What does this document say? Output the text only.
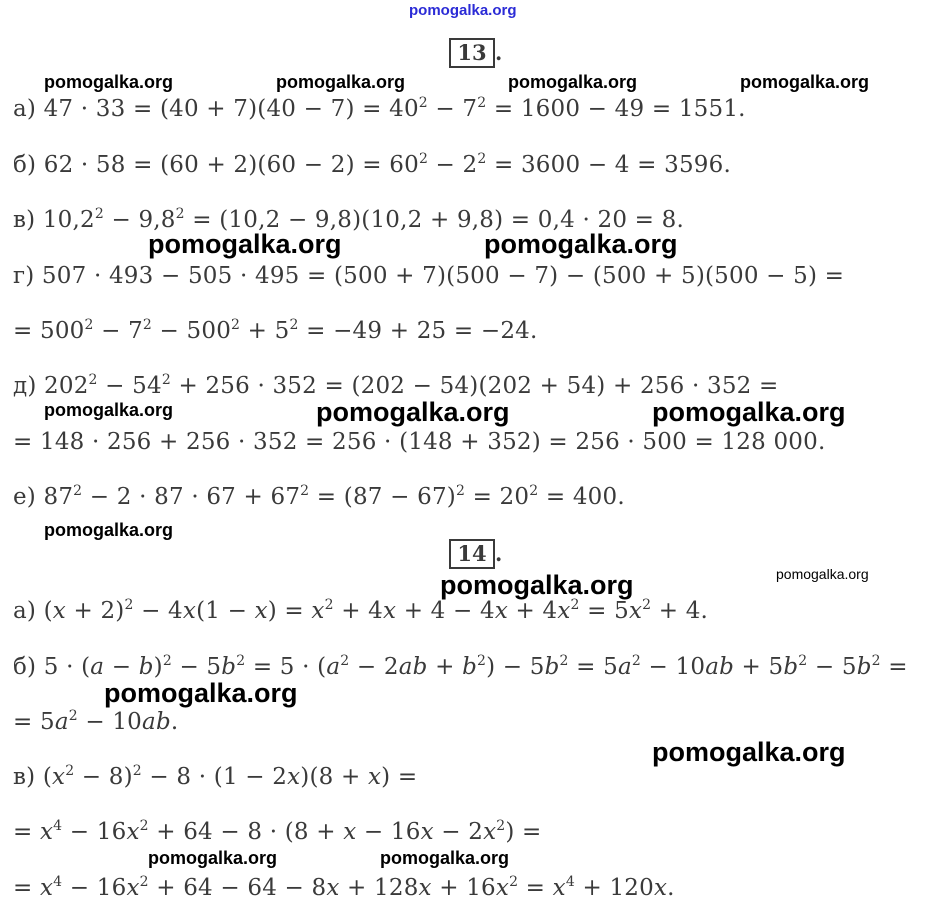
pomogalka.org
13 .
pomogalka.org	pomogalka.org	pomogalka.org	pomogalka.org
а) $47 \cdot 33 = (40 + 7)(40 - 7) = 40^2 - 7^2 = 1600 - 49 = 1551$.
б) $62 \cdot 58 = (60 + 2)(60 - 2) = 60^2 - 2^2 = 3600 - 4 = 3596$.
в) $10,2^2 - 9,8^2 = (10,2 - 9,8)(10,2 + 9,8) = 0,4 \cdot 20 = 8$.
pomogalka.org	pomogalka.org
г) 507 · 493 − 505 · 495 = (500 + 7)(500 − 7) − (500 + 5)(500 − 5) =
= $500^2 - 7^2 - 500^2 + 5^2 = -49 + 25 = -24$.
д) $202^2 - 54^2 + 256 \cdot 352 = (202 - 54)(202 + 54) + 256 \cdot 352$ =
pomogalka.org	pomogalka.org	pomogalka.org
= 148 · 256 + 256 · 352 = 256 · (148 + 352) = 256 · 500 = 128 000.
е) $87^2 - 2 \cdot 87 \cdot 67 + 67^2 = (87 - 67)^2 = 20^2 = 400$.
pomogalka.org
14 .
pomogalka.org	pomogalka.org
а) $(x + 2)^2 - 4x(1 - x) = x^2 + 4x + 4 - 4x + 4x^2 = 5x^2 + 4$.
б) $5 \cdot (a - b)^2 - 5b^2 = 5 \cdot (a^2 - 2ab + b^2) - 5b^2 = 5a^2 - 10ab + 5b^2 - 5b^2$ =
pomogalka.org
= $5a^2 - 10ab$.
pomogalka.org
в) $(x^2 - 8)^2 - 8 \cdot (1 - 2x)(8 + x)$ =
= $x^4 - 16x^2 + 64 - 8 \cdot (8 + x - 16x - 2x^2)$ =
pomogalka.org	pomogalka.org
= $x^4 - 16x^2 + 64 - 64 - 8x + 128x + 16x^2 = x^4 + 120x$.
